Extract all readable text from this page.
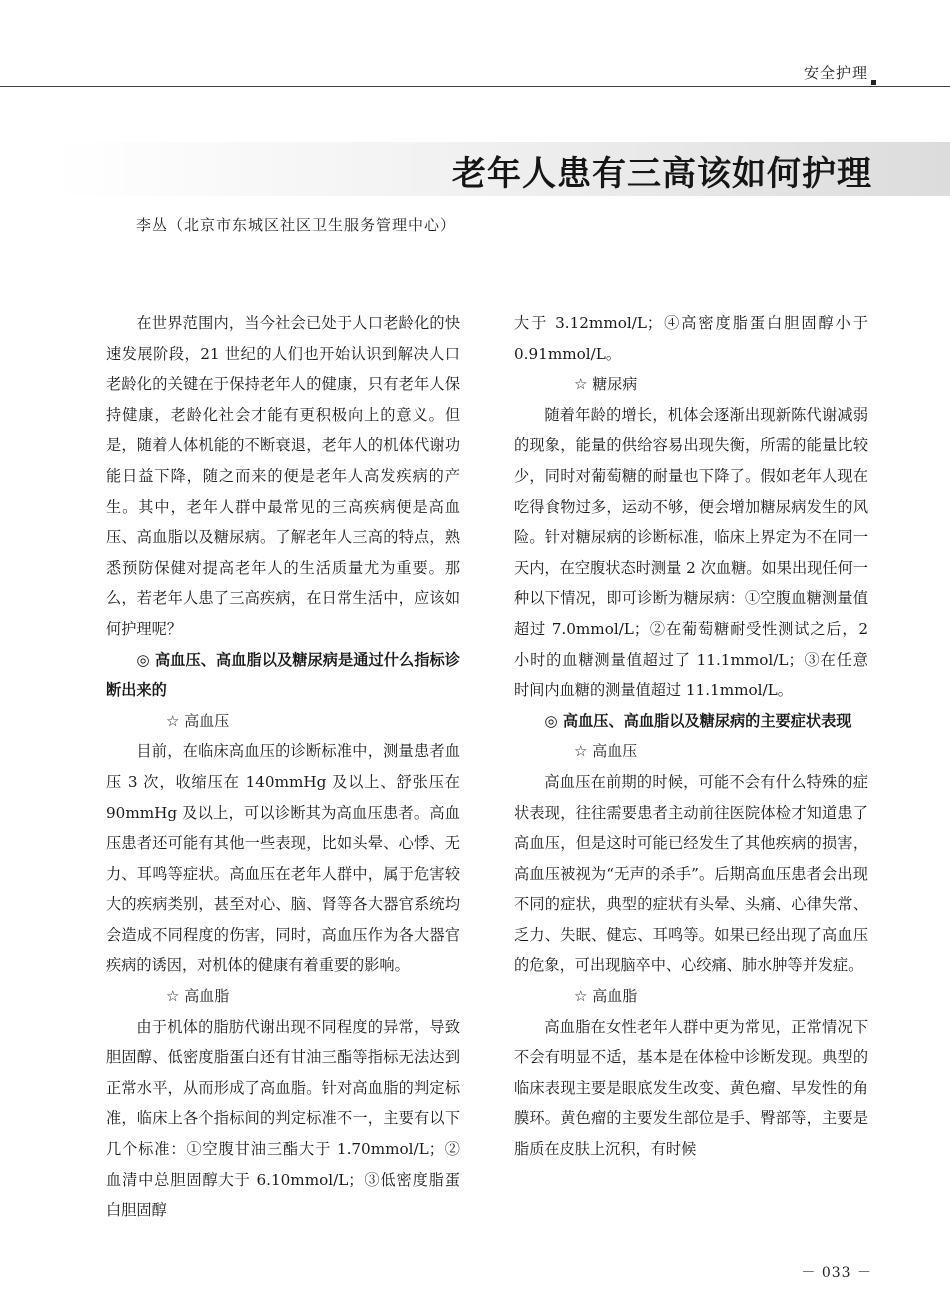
安全护理
老年人患有三高该如何护理
李丛（北京市东城区社区卫生服务管理中心）

在世界范围内，当今社会已处于人口老龄化的快速发展阶段，21 世纪的人们也开始认识到解决人口老龄化的关键在于保持老年人的健康，只有老年人保持健康，老龄化社会才能有更积极向上的意义。但是，随着人体机能的不断衰退，老年人的机体代谢功能日益下降，随之而来的便是老年人高发疾病的产生。其中，老年人群中最常见的三高疾病便是高血压、高血脂以及糖尿病。了解老年人三高的特点，熟悉预防保健对提高老年人的生活质量尤为重要。那么，若老年人患了三高疾病，在日常生活中，应该如何护理呢？

◎ 高血压、高血脂以及糖尿病是通过什么指标诊断出来的

☆ 高血压

目前，在临床高血压的诊断标准中，测量患者血压 3 次，收缩压在 140mmHg 及以上、舒张压在 90mmHg 及以上，可以诊断其为高血压患者。高血压患者还可能有其他一些表现，比如头晕、心悸、无力、耳鸣等症状。高血压在老年人群中，属于危害较大的疾病类别，甚至对心、脑、肾等各大器官系统均会造成不同程度的伤害，同时，高血压作为各大器官疾病的诱因，对机体的健康有着重要的影响。

☆ 高血脂

由于机体的脂肪代谢出现不同程度的异常，导致胆固醇、低密度脂蛋白还有甘油三酯等指标无法达到正常水平，从而形成了高血脂。针对高血脂的判定标准，临床上各个指标间的判定标准不一，主要有以下几个标准：①空腹甘油三酯大于 1.70mmol/L；②血清中总胆固醇大于 6.10mmol/L；③低密度脂蛋白胆固醇

大于 3.12mmol/L；④高密度脂蛋白胆固醇小于 0.91mmol/L。

☆ 糖尿病

随着年龄的增长，机体会逐渐出现新陈代谢减弱的现象，能量的供给容易出现失衡，所需的能量比较少，同时对葡萄糖的耐量也下降了。假如老年人现在吃得食物过多，运动不够，便会增加糖尿病发生的风险。针对糖尿病的诊断标准，临床上界定为不在同一天内，在空腹状态时测量 2 次血糖。如果出现任何一种以下情况，即可诊断为糖尿病：①空腹血糖测量值超过 7.0mmol/L；②在葡萄糖耐受性测试之后，2 小时的血糖测量值超过了 11.1mmol/L；③在任意时间内血糖的测量值超过 11.1mmol/L。

◎ 高血压、高血脂以及糖尿病的主要症状表现

☆ 高血压

高血压在前期的时候，可能不会有什么特殊的症状表现，往往需要患者主动前往医院体检才知道患了高血压，但是这时可能已经发生了其他疾病的损害，高血压被视为“无声的杀手”。后期高血压患者会出现不同的症状，典型的症状有头晕、头痛、心律失常、乏力、失眠、健忘、耳鸣等。如果已经出现了高血压的危象，可出现脑卒中、心绞痛、肺水肿等并发症。

☆ 高血脂

高血脂在女性老年人群中更为常见，正常情况下不会有明显不适，基本是在体检中诊断发现。典型的临床表现主要是眼底发生改变、黄色瘤、早发性的角膜环。黄色瘤的主要发生部位是手、臀部等，主要是脂质在皮肤上沉积，有时候

－ 033 －
